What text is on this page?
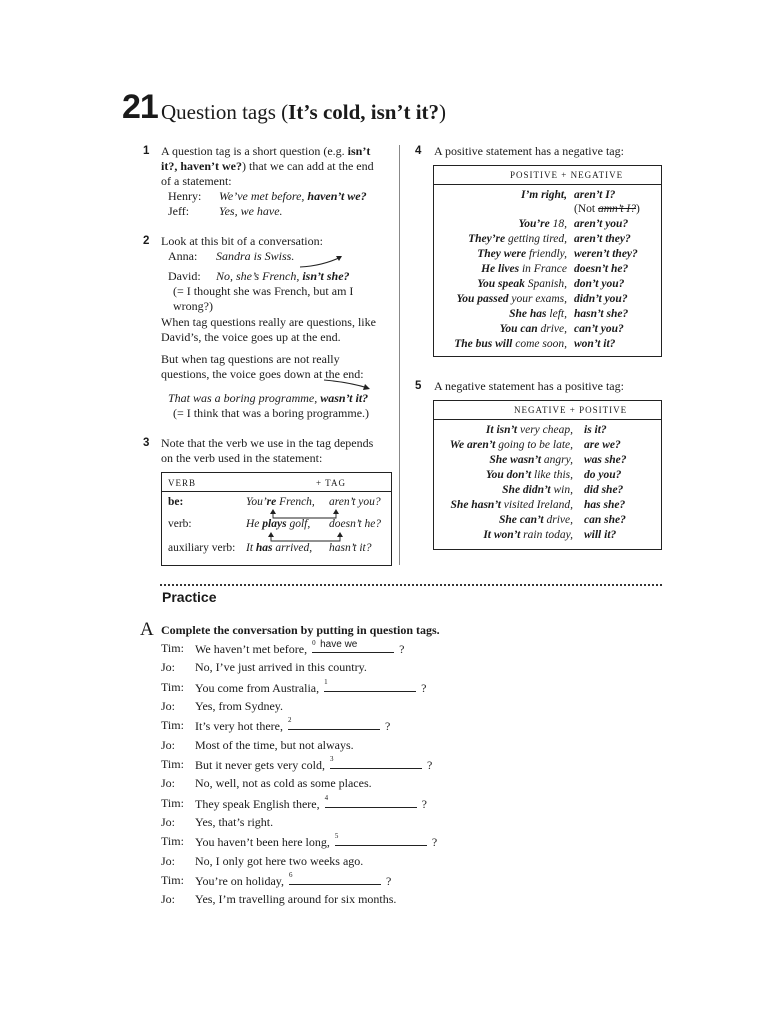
21 Question tags (It’s cold, isn’t it?)
1 A question tag is a short question (e.g. isn’t
it?, haven’t we?) that we can add at the end
of a statement:
Henry: We’ve met before, haven’t we?
Jeff: Yes, we have.
2 Look at this bit of a conversation:
Anna: Sandra is Swiss.
David: No, she’s French, isn’t she?
(= I thought she was French, but am I
wrong?)
When tag questions really are questions, like
David’s, the voice goes up at the end.
But when tag questions are not really
questions, the voice goes down at the end:
That was a boring programme, wasn’t it?
(= I think that was a boring programme.)
3 Note that the verb we use in the tag depends
on the verb used in the statement:
VERB	+ TAG
be:	You’re French, aren’t you?
verb:	He plays golf, doesn’t he?
auxiliary verb: It has arrived, hasn’t it?
4 A positive statement has a negative tag:
POSITIVE + NEGATIVE
I’m right, aren’t I?
(Not amn’t I?)
You’re 18, aren’t you?
They’re getting tired, aren’t they?
They were friendly, weren’t they?
He lives in France doesn’t he?
You speak Spanish, don’t you?
You passed your exams, didn’t you?
She has left, hasn’t she?
You can drive, can’t you?
The bus will come soon, won’t it?
5 A negative statement has a positive tag:
NEGATIVE + POSITIVE
It isn’t very cheap, is it?
We aren’t going to be late, are we?
She wasn’t angry, was she?
You don’t like this, do you?
She didn’t win, did she?
She hasn’t visited Ireland, has she?
She can’t drive, can she?
It won’t rain today, will it?
Practice
A Complete the conversation by putting in question tags.
Tim: We haven’t met before, 0 have we	?
Jo: No, I’ve just arrived in this country.
Tim: You come from Australia, 1	?
Jo: Yes, from Sydney.
Tim: It’s very hot there, 2	?
Jo: Most of the time, but not always.
Tim: But it never gets very cold, 3	?
Jo: No, well, not as cold as some places.
Tim: They speak English there, 4	?
Jo: Yes, that’s right.
Tim: You haven’t been here long, 5	?
Jo: No, I only got here two weeks ago.
Tim: You’re on holiday, 6	?
Jo: Yes, I’m travelling around for six months.
